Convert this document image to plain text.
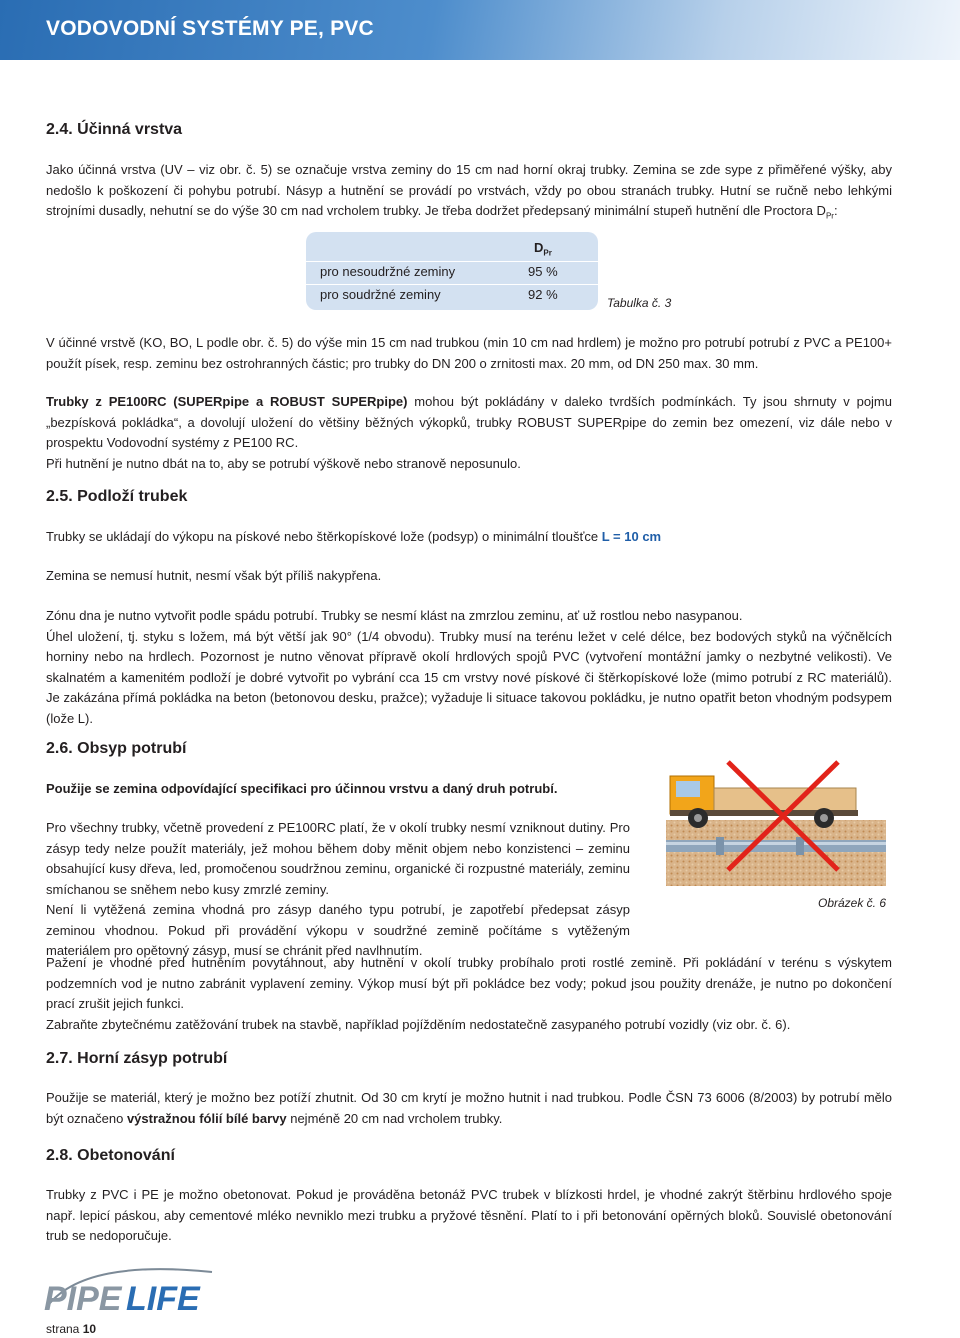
VODOVODNÍ SYSTÉMY PE, PVC
2.4. Účinná vrstva

Jako účinná vrstva (UV – viz obr. č. 5) se označuje vrstva zeminy do 15 cm nad horní okraj trubky. Zemina se zde sype z přiměřené výšky, aby nedošlo k poškození či pohybu potrubí. Násyp a hutnění se provádí po vrstvách, vždy po obou stranách trubky. Hutní se ručně nebo lehkými strojními dusadly, nehutní se do výše 30 cm nad vrcholem trubky. Je třeba dodržet předepsaný minimální stupeň hutnění dle Proctora $D_{Pr}$:

$D_{Pr}$
pro nesoudržné zeminy	95 %
pro soudržné zeminy	92 %
Tabulka č. 3

V účinné vrstvě (KO, BO, L podle obr. č. 5) do výše min 15 cm nad trubkou (min 10 cm nad hrdlem) je možno pro potrubí potrubí z PVC a PE100+ použít písek, resp. zeminu bez ostrohranných částic; pro trubky do DN 200 o zrnitosti max. 20 mm, od DN 250 max. 30 mm.

Trubky z PE100RC (SUPERpipe a ROBUST SUPERpipe) mohou být pokládány v daleko tvrdších podmínkách. Ty jsou shrnuty v pojmu „bezpísková pokládka“, a dovolují uložení do většiny běžných výkopků, trubky ROBUST SUPERpipe do zemin bez omezení, viz dále nebo v prospektu Vodovodní systémy z PE100 RC.

Při hutnění je nutno dbát na to, aby se potrubí výškově nebo stranově neposunulo.

2.5. Podloží trubek

Trubky se ukládají do výkopu na pískové nebo štěrkopískové lože (podsyp) o minimální tloušťce L = 10 cm

Zemina se nemusí hutnit, nesmí však být příliš nakypřena.

Zónu dna je nutno vytvořit podle spádu potrubí. Trubky se nesmí klást na zmrzlou zeminu, ať už rostlou nebo nasypanou.

Úhel uložení, tj. styku s ložem, má být větší jak 90° (1/4 obvodu). Trubky musí na terénu ležet v celé délce, bez bodových styků na výčnělcích horniny nebo na hrdlech. Pozornost je nutno věnovat přípravě okolí hrdlových spojů PVC (vytvoření montážní jamky o nezbytné velikosti). Ve skalnatém a kamenitém podloží je dobré vytvořit po vybrání cca 15 cm vrstvy nové pískové či štěrkopískové lože (mimo potrubí z RC materiálů). Je zakázána přímá pokládka na beton (betonovou desku, pražce); vyžaduje li situace takovou pokládku, je nutno opatřit beton vhodným podsypem (lože L).

2.6. Obsyp potrubí

Použije se zemina odpovídající specifikaci pro účinnou vrstvu a daný druh potrubí.

Pro všechny trubky, včetně provedení z PE100RC platí, že v okolí trubky nesmí vzniknout dutiny. Pro zásyp tedy nelze použít materiály, jež mohou během doby měnit objem nebo konzistenci – zeminu obsahující kusy dřeva, led, promočenou soudržnou zeminu, organické či rozpustné materiály, zeminu smíchanou se sněhem nebo kusy zmrzlé zeminy.

Není li vytěžená zemina vhodná pro zásyp daného typu potrubí, je zapotřebí předepsat zásyp zeminou vhodnou. Pokud při provádění výkopu v soudržné zemině počítáme s vytěženým materiálem pro opětovný zásyp, musí se chránit před navlhnutím.

Pažení je vhodné před hutněním povytáhnout, aby hutnění v okolí trubky probíhalo proti rostlé zemině. Při pokládání v terénu s výskytem podzemních vod je nutno zabránit vyplavení zeminy. Výkop musí být při pokládce bez vody; pokud jsou použity drenáže, je nutno po dokončení prací zrušit jejich funkci.

Zabraňte zbytečnému zatěžování trubek na stavbě, například pojížděním nedostatečně zasypaného potrubí vozidly (viz obr. č. 6).

Obrázek č. 6
2.7. Horní zásyp potrubí

Použije se materiál, který je možno bez potíží zhutnit. Od 30 cm krytí je možno hutnit i nad trubkou. Podle ČSN 73 6006 (8/2003) by potrubí mělo být označeno výstražnou fólií bílé barvy nejméně 20 cm nad vrcholem trubky.

2.8. Obetonování

Trubky z PVC i PE je možno obetonovat. Pokud je prováděna betonáž PVC trubek v blízkosti hrdel, je vhodné zakrýt štěrbinu hrdlového spoje např. lepicí páskou, aby cementové mléko nevniklo mezi trubku a pryžové těsnění. Platí to i při betonování opěrných bloků. Souvislé obetonování trub se nedoporučuje.

PIPE LIFE
strana 10
